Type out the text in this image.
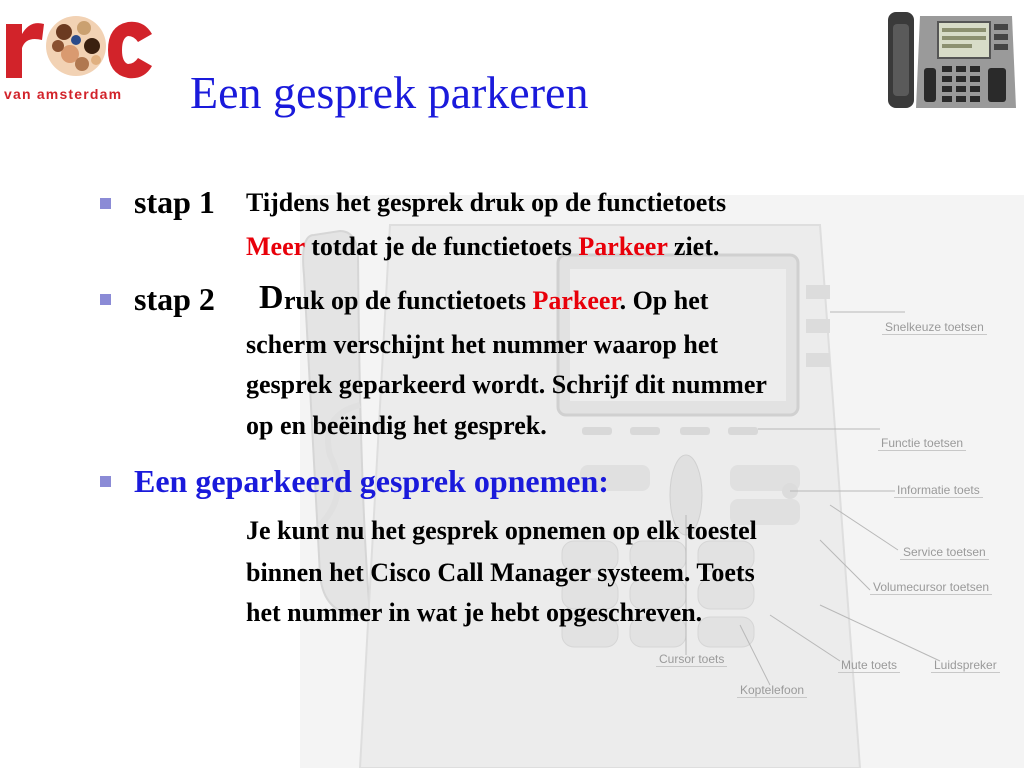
van amsterdam Een gesprek parkeren
Snelkeuze toetsen
Functie toetsen
Informatie toets
Service toetsen
Volumecursor toetsen
Cursor toets	Mute toets	Luidspreker
Koptelefoon
stap 1 Tijdens het gesprek druk op de functietoets
Meer totdat je de functietoets Parkeer ziet.
stap 2 D ruk op de functietoets Parkeer. Op het
scherm verschijnt het nummer waarop het
gesprek geparkeerd wordt. Schrijf dit nummer
op en beëindig het gesprek.
Een geparkeerd gesprek opnemen:
Je kunt nu het gesprek opnemen op elk toestel
binnen het Cisco Call Manager systeem. Toets
het nummer in wat je hebt opgeschreven.
